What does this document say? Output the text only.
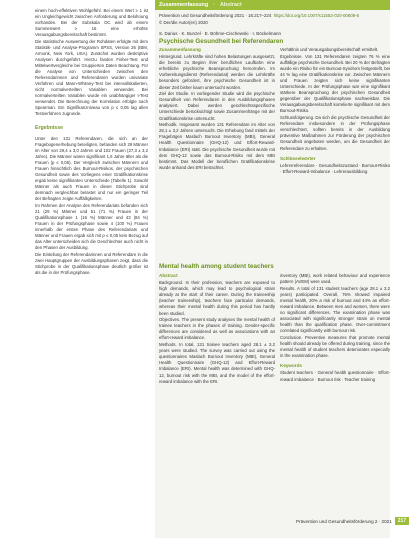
einem hoch-effektiven Wohlgefühl. Bei einem Wert ≥ 1 ist ein Ungleichgewicht zwischen Anforderung und Belohnung vorhanden. Bei der Subskala OC wird ab einem Summenwert ≥ 16 eine erhöhte Verausgabungsbereitschaft bestimmt.

Die statistische Auswertung der Rohdaten erfolgte mit dem Statistik- und Analyse-Programm SPSS, Version 26 (IBM, Armonk, New York, USA). Zunächst wurden deskriptive Analysen durchgeführt. Hierzu fanden Fisher-Test und Mittelwertvergleiche bei Gruppierten Daten Beachtung. Für die Analyse von Unterschieden zwischen den Referendarinnen und Referendaren wurden univariate Verfahren und Mann-Whitney-Test bei intervallskalierten, nicht normalverteilten Variablen verwendet. Bei normalverteilten Variablen wurde ein unabhängiger t-Test verwendet. Die Berechnung der Korrelation erfolgte nach Spearman. Ein Signifikanzniveau von p ≤ 0,05 lag allen Testverfahren zugrunde.

Ergebnisse

Unter den 131 Referendaren, die sich an der Fragebogenerhebung beteiligten, befanden sich 29 Männer im Alter von 29,4 ± 3,0 Jahren und 102 Frauen (27,3 ± 3,2 Jahre). Die Männer waren signifikant 1,6 Jahre älter als die Frauen (p ≤ 0,05). Der Vergleich zwischen Männern und Frauen hinsichtlich des Burnout-Risikos, der psychischen Gesundheit sowie des Vorliegens einer Gratifikationskrise ergab keine signifikanten Unterschiede (Tabelle 1). Sowohl Männer als auch Frauen in dieser Stichprobe sind demnach vergleichbar belastet und nur ein geringer Teil der Befragten zeigte Auffälligkeiten.

Im Rahmen der Analyse des Referendariats befanden sich 21 (29 %) Männer und 51 (71 %) Frauen in der Qualifikationsphase 1 (16 %) Männer und 43 (84 %) Frauen in der Prüfungsphase sowie 4 (100 %) Frauen innerhalb der ersten Phase des Referendariats und Männer und Frauen ergab sich mit p ≤ 0,05 kein Bezug auf das Alter unterscheiden sich die Geschlechter auch nicht in den Phasen der Ausbildung.

Die Einteilung der Referendarinnen und Referendare in die zwei Hauptgruppen der Ausbildungsphasen zeigt, dass die Stichprobe in der Qualifikationsphase deutlich größer ist als die in der Prüfungsphase.

Zusammenfassung · Abstract
Prävention und Gesundheitsförderung 2021 · 16:217–224 https://doi.org/10.1007/s11553-020-00809-6
© Der/die Autor(en) 2020
S. Darius · K. Bunzel · E. Böhme-Cischewski · I. Böckelmann
Psychische Gesundheit bei Referendaren
Zusammenfassung

Hintergrund. Lehrkräfte sind hohen Belastungen ausgesetzt, die bereits zu Beginn ihrer beruflichen Laufbahn eine erhebliche psychische Beanspruchung hervorrufen. Im Vorbereitungsdienst (Referendariat) werden die Lehrkräfte besonders gefordert, ihre psychische Gesundheit ist in dieser Zeit bisher kaum untersucht worden.

Ziel der Studie. In vorliegender Studie wird die psychische Gesundheit von Referendaren in den Ausbildungsphasen analysiert. Dabei werden geschlechtsspezifische Unterschiede berücksichtigt sowie Zusammenhänge mit der Gratifikationskrise untersucht.

Methodik. Insgesamt wurden 131 Referendare im Alter von 28,1 ± 3,2 Jahren untersucht. Die Erhebung fand mittels der Fragebögen Maslach Burnout Inventory (MBI), General Health Questionnaire (GHQ-12) und Effort-Reward-Imbalance (ERI) statt. Die psychische Gesundheit wurde mit dem GHQ-12 sowie das Burnout-Risiko mit dem MBI bestimmt. Das Modell der beruflichen Gratifikationskrise wurde anhand des ERI betrachtet.

Verhältnis und Verausgabungsbereitschaft ermittelt.

Ergebnisse. Von 131 Referendaren zeigten 76 % eine auffällige psychische Gesundheit. Bei 20 % der Befragten wurde ein Risiko für ein Burnout-Syndrom festgestellt, bei 44 % lag eine Gratifikationskrise vor. Zwischen Männern und Frauen zeigten sich keine signifikanten Unterschiede. In der Prüfungsphase war eine signifikant stärkere Beanspruchung der psychischen Gesundheit gegenüber der Qualifikationsphase nachweisbar. Die Verausgabungsbereitschaft korrelierte signifikant mit dem Burnout-Risiko.

Schlussfolgerung. Da sich die psychische Gesundheit der Referendare insbesondere in der Prüfungsphase verschlechtert, sollten bereits in der Ausbildung präventive Maßnahmen zur Förderung der psychischen Gesundheit angeboten werden, um die Gesundheit der Referendare zu erhalten.

Schlüsselwörter

Lehrerreferendare · Gesundheitszustand · Burnout-Risiko · Effort-Reward-Imbalance · Lehrerausbildung

Mental health among student teachers
Abstract

Background. In their profession, teachers are exposed to high demands, which may lead to psychological strain already at the start of their career. During the traineeship (teacher traineeship), teachers face particular demands, whereas their mental health during this period has hardly been studied.

Objectives. The present study analyses the mental health of trainee teachers in the phases of training. Gender-specific differences are considered as well as associations with an effort-reward imbalance.

Methods. In total, 131 trainee teachers aged 28.1 ± 3.2 years were studied. The survey was carried out using the questionnaires Maslach Burnout Inventory (MBI), General Health Questionnaire (GHQ-12) and Effort-Reward Imbalance (ERI). Mental health was determined with GHQ-12, burnout risk with the MBI, and the model of the effort-reward imbalance with the ERI.

inventory (MBI), work related behaviour and experience pattern (AVEM) were used.

Results. A total of 131 student teachers (age 28.1 ± 3.2 years) participated. Overall, 76% showed impaired mental health, 20% a risk of burnout and 44% an effort-reward imbalance. Between men and women, there were no significant differences. The examination phase was associated with significantly stronger strain on mental health than the qualification phase. Over-commitment correlated significantly with burnout risk.

Conclusion. Preventive measures that promote mental health should already be offered during training, since the mental health of student teachers deteriorates especially in the examination phase.

Keywords

Student teachers · General health questionnaire · Effort-reward imbalance · Burnout risk · Teacher training

Prävention und Gesundheitsförderung 2 · 2021	217
